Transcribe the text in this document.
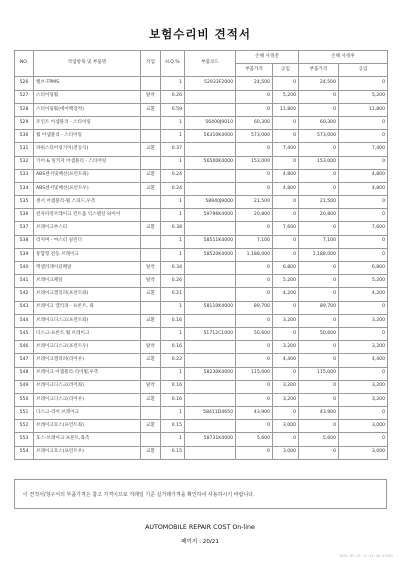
보험수리비 견적서
NO.	작업항목 및 부품명	작업	H.Q.%	부품코드	손해 사정전		손해 사정후	
					부품가격	공임	부품가격	공임
526	밸브-TPMS		1	52933F2000	24,500	0	24,500	0
527	스티어링휠	탈착	0.26		0	5,200	0	5,200
528	스티어링휠(에어백장착)	교환	0.59		0	11,800	0	11,800
529	조인트 어셈블리 - 스티어링		1	56400J9010	60,300	0	60,300	0
530	휠 어셈블리 - 스티어링		1	56310K4000	573,000	0	573,000	0
531	파워스티어링기어(전동식)	교환	0.37		0	7,400	0	7,400
532	기어 & 링키지 어셈블리 - 스티어링		1	56500K4000	153,000	0	153,000	0
533	ABS센서및배선(프런트좌)	교환	0.24		0	4,800	0	4,800
534	ABS센서및배선(프런트우)	교환	0.24		0	4,800	0	4,800
535	센서 어셈블리-휠 스피드,우측		1	58940J9000	21,500	0	21,500	0
536	전자파킹브레이크 컨트롤 익스텐션 와이어		1	59796K4000	20,800	0	20,800	0
537	브레이크부스터	교환	0.38		0	7,600	0	7,600
538	리저버 - 마스터 실린더		1	58511K4000	7,100	0	7,100	0
539	통합형 전동 브레이크		1	58520K4000	1,188,000	0	1,188,000	0
540	액셀러레이터페달	탈착	0.34		0	6,800	0	6,800
541	브레이크페달	탈착	0.26		0	5,200	0	5,200
542	브레이크캘리퍼(프런트좌)	교환	0.21		0	4,200	0	4,200
543	브레이크 캘리퍼 - 프론트, 좌		1	58110K4000	89,700	0	89,700	0
544	브레이크디스크(프런트좌)	교환	0.16		0	3,200	0	3,200
545	디스크-프론트 휠 브레이크		1	51712C1000	50,600	0	50,600	0
546	브레이크디스크(프런트우)	탈착	0.16		0	3,200	0	3,200
547	브레이크캘리퍼(리어우)	교환	0.22		0	4,400	0	4,400
548	브레이크 어셈블리-리어휠,우측		1	58230K4000	115,000	0	115,000	0
549	브레이크디스크(리어좌)	탈착	0.16		0	3,200	0	3,200
550	브레이크디스크(리어우)	교환	0.16		0	3,200	0	3,200
551	디스크-리어 브레이크		1	58411D4650	43,900	0	43,900	0
552	브레이크호스(프런트좌)	교환	0.15		0	3,000	0	3,000
553	호스-브레이크 프론트,좌측		1	58731K4000	5,600	0	5,600	0
554	브레이크호스(프런트우)	교환	0.15		0	3,000	0	3,000
이 견적서/청구서의 부품가격은 참고 가격이므로 거래일 기준 실거래가격을 확인하여 사용하시기 바랍니다.
AUTOMOBILE REPAIR COST On-line
페이지 : 20/21
2025-03-19 11:54:40 KTS81
